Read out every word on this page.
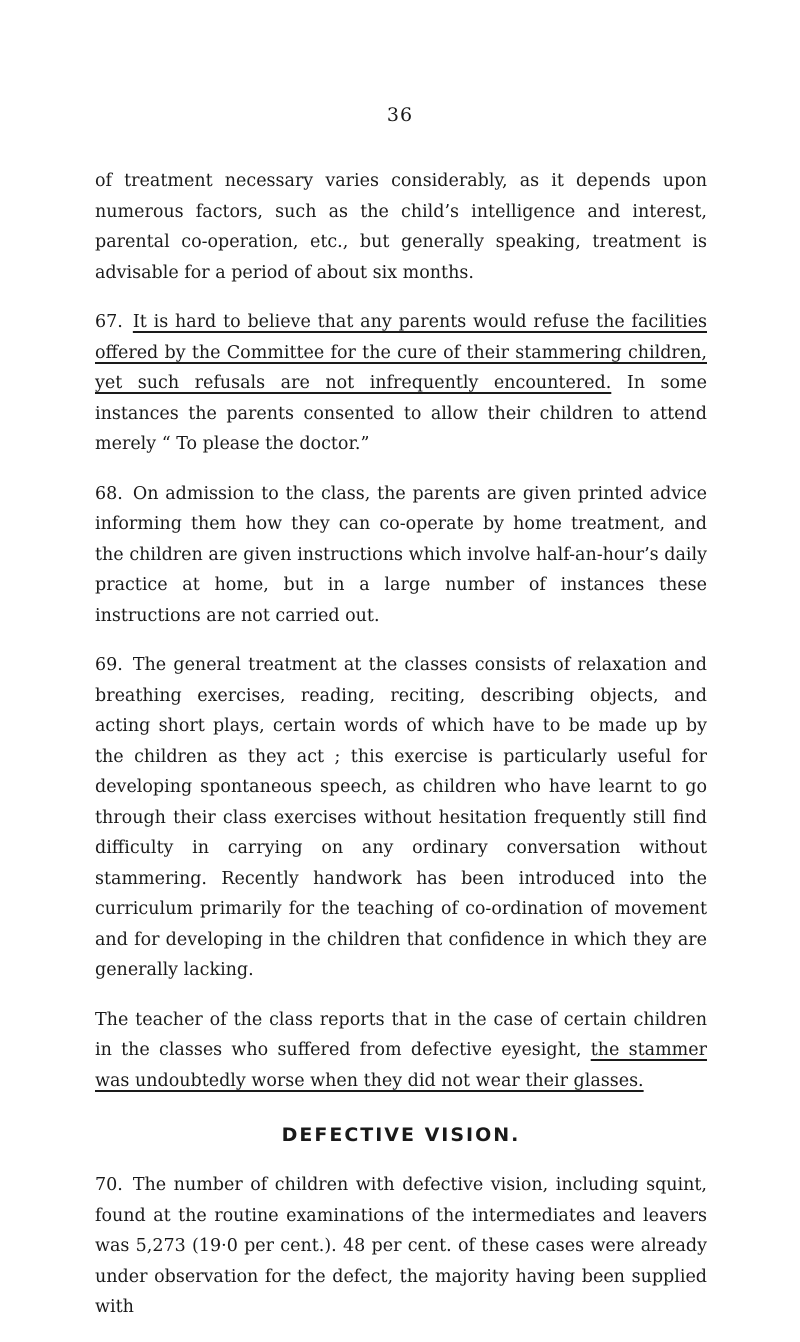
36

of treatment necessary varies considerably, as it depends upon numerous factors, such as the child’s intelligence and interest, parental co-operation, etc., but generally speaking, treatment is advisable for a period of about six months.

67. It is hard to believe that any parents would refuse the facilities offered by the Committee for the cure of their stammering children, yet such refusals are not infrequently encountered. In some instances the parents consented to allow their children to attend merely “ To please the doctor.”

68. On admission to the class, the parents are given printed advice informing them how they can co-operate by home treatment, and the children are given instructions which involve half-an-hour’s daily practice at home, but in a large number of instances these instructions are not carried out.

69. The general treatment at the classes consists of relaxation and breathing exercises, reading, reciting, describing objects, and acting short plays, certain words of which have to be made up by the children as they act ; this exercise is particularly useful for developing spontaneous speech, as children who have learnt to go through their class exercises without hesitation frequently still find difficulty in carrying on any ordinary conversation without stammering. Recently handwork has been introduced into the curriculum primarily for the teaching of co-ordination of movement and for developing in the children that confidence in which they are generally lacking.

The teacher of the class reports that in the case of certain children in the classes who suffered from defective eyesight, the stammer was undoubtedly worse when they did not wear their glasses.

DEFECTIVE VISION.

70. The number of children with defective vision, including squint, found at the routine examinations of the intermediates and leavers was 5,273 (19·0 per cent.). 48 per cent. of these cases were already under observation for the defect, the majority having been supplied with
